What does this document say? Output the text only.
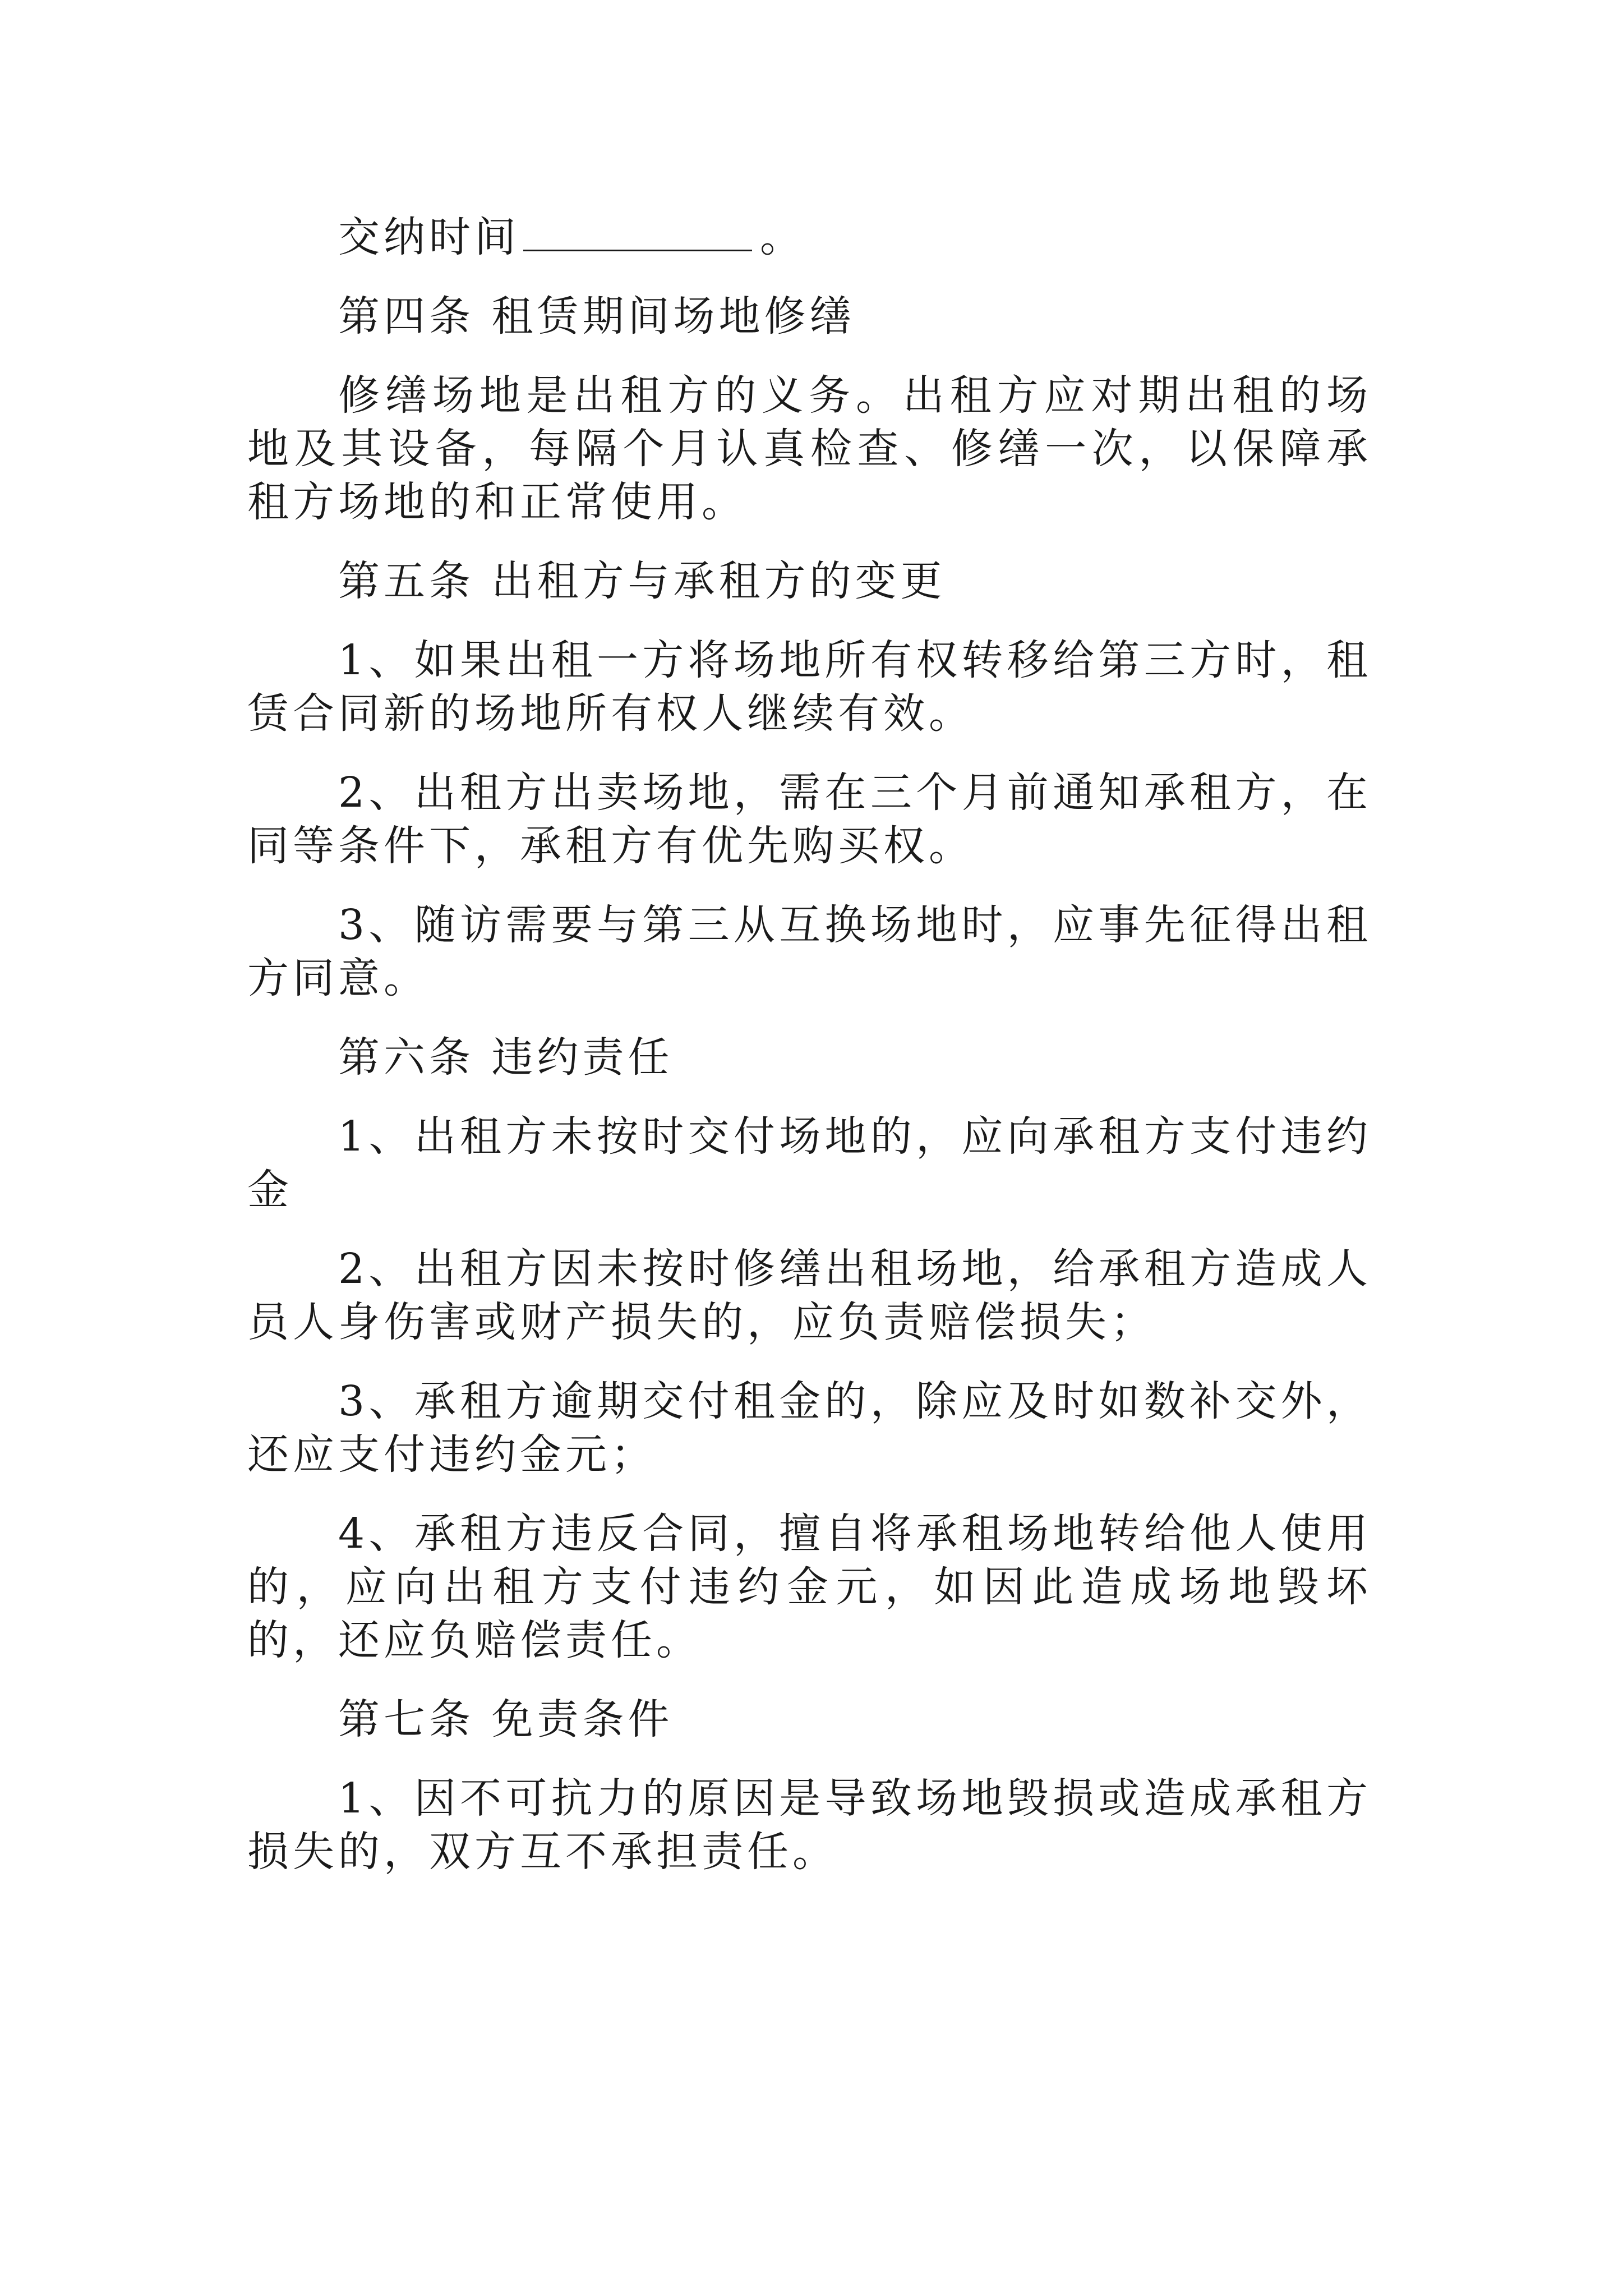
交纳时间	。

第四条 租赁期间场地修缮

修缮场地是出租方的义务。出租方应对期出租的场地及其设备，每隔个月认真检查、修缮一次，以保障承租方场地的和正常使用。

第五条 出租方与承租方的变更

1、如果出租一方将场地所有权转移给第三方时，租赁合同新的场地所有权人继续有效。

2、出租方出卖场地，需在三个月前通知承租方，在同等条件下，承租方有优先购买权。

3、随访需要与第三从互换场地时，应事先征得出租方同意。

第六条 违约责任

1、出租方未按时交付场地的，应向承租方支付违约金

2、出租方因未按时修缮出租场地，给承租方造成人员人身伤害或财产损失的，应负责赔偿损失；

3、承租方逾期交付租金的，除应及时如数补交外，还应支付违约金元；

4、承租方违反合同，擅自将承租场地转给他人使用的，应向出租方支付违约金元，如因此造成场地毁坏的，还应负赔偿责任。

第七条 免责条件

1、因不可抗力的原因是导致场地毁损或造成承租方损失的，双方互不承担责任。
